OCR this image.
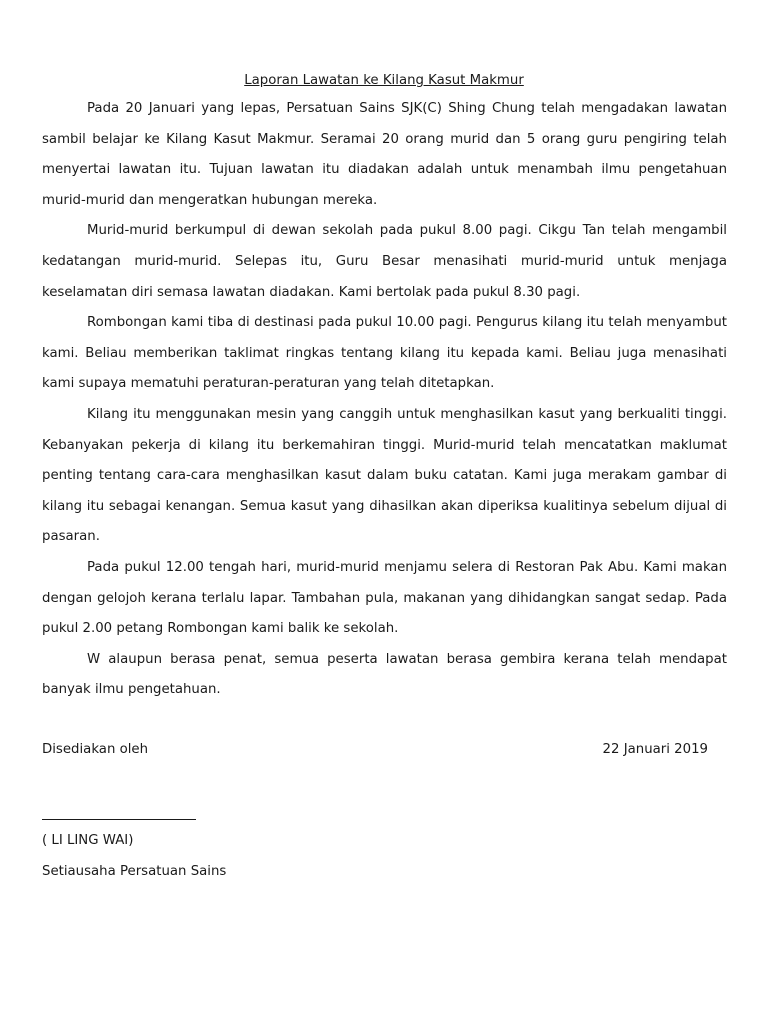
Laporan Lawatan ke Kilang Kasut Makmur

Pada 20 Januari yang lepas, Persatuan Sains SJK(C) Shing Chung telah mengadakan lawatan sambil belajar ke Kilang Kasut Makmur. Seramai 20 orang murid dan 5 orang guru pengiring telah menyertai lawatan itu. Tujuan lawatan itu diadakan adalah untuk menambah ilmu pengetahuan murid-murid dan mengeratkan hubungan mereka.

Murid-murid berkumpul di dewan sekolah pada pukul 8.00 pagi. Cikgu Tan telah mengambil kedatangan murid-murid. Selepas itu, Guru Besar menasihati murid-murid untuk menjaga keselamatan diri semasa lawatan diadakan. Kami bertolak pada pukul 8.30 pagi.

Rombongan kami tiba di destinasi pada pukul 10.00 pagi. Pengurus kilang itu telah menyambut kami. Beliau memberikan taklimat ringkas tentang kilang itu kepada kami. Beliau juga menasihati kami supaya mematuhi peraturan-peraturan yang telah ditetapkan.

Kilang itu menggunakan mesin yang canggih untuk menghasilkan kasut yang berkualiti tinggi. Kebanyakan pekerja di kilang itu berkemahiran tinggi. Murid-murid telah mencatatkan maklumat penting tentang cara-cara menghasilkan kasut dalam buku catatan. Kami juga merakam gambar di kilang itu sebagai kenangan. Semua kasut yang dihasilkan akan diperiksa kualitinya sebelum dijual di pasaran.

Pada pukul 12.00 tengah hari, murid-murid menjamu selera di Restoran Pak Abu. Kami makan dengan gelojoh kerana terlalu lapar. Tambahan pula, makanan yang dihidangkan sangat sedap. Pada pukul 2.00 petang Rombongan kami balik ke sekolah.

W alaupun berasa penat, semua peserta lawatan berasa gembira kerana telah mendapat banyak ilmu pengetahuan.

Disediakan oleh	22 Januari 2019
( LI LING WAI)
Setiausaha Persatuan Sains
